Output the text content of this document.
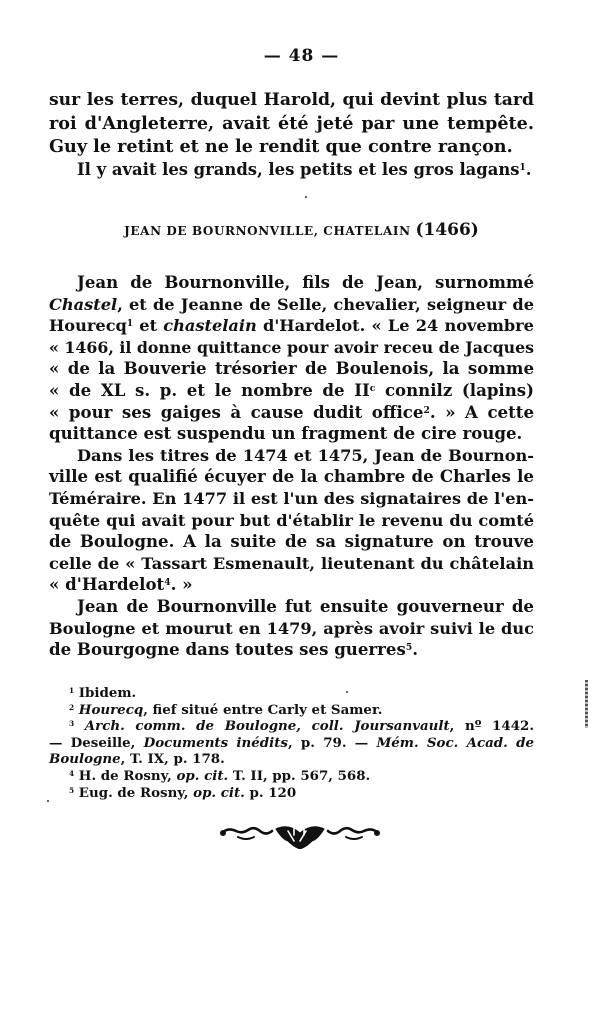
— 48 —
sur les terres, duquel Harold, qui devint plus tard
roi d'Angleterre, avait été jeté par une tempête.
Guy le retint et ne le rendit que contre rançon.
Il y avait les grands, les petits et les gros lagans$^1$.
JEAN DE BOURNONVILLE, CHATELAIN (1466)
Jean de Bournonville, fils de Jean, surnommé
Chastel, et de Jeanne de Selle, chevalier, seigneur de
Hourecq$^1$ et chastelain d'Hardelot. « Le 24 novembre
« 1466, il donne quittance pour avoir receu de Jacques
« de la Bouverie trésorier de Boulenois, la somme
« de XL s. p. et le nombre de $II^c$ connilz (lapins)
« pour ses gaiges à cause dudit office$^2$. » A cette
quittance est suspendu un fragment de cire rouge.
Dans les titres de 1474 et 1475, Jean de Bournon-
ville est qualifié écuyer de la chambre de Charles le
Téméraire. En 1477 il est l'un des signataires de l'en-
quête qui avait pour but d'établir le revenu du comté
de Boulogne. A la suite de sa signature on trouve
celle de « Tassart Esmenault, lieutenant du châtelain
« d'Hardelot$^4$. »
Jean de Bournonville fut ensuite gouverneur de
Boulogne et mourut en 1479, après avoir suivi le duc
de Bourgogne dans toutes ses guerres$^5$.
$^1$ Ibidem.
$^2$ Hourecq, fief situé entre Carly et Samer.
$^3$ Arch. comm. de Boulogne, coll. Joursanvault, nº 1442.
— Deseille, Documents inédits, p. 79. — Mém. Soc. Acad. de
Boulogne, T. IX, p. 178.
$^4$ H. de Rosny, op. cit. T. II, pp. 567, 568.
$^5$ Eug. de Rosny, op. cit. p. 120
